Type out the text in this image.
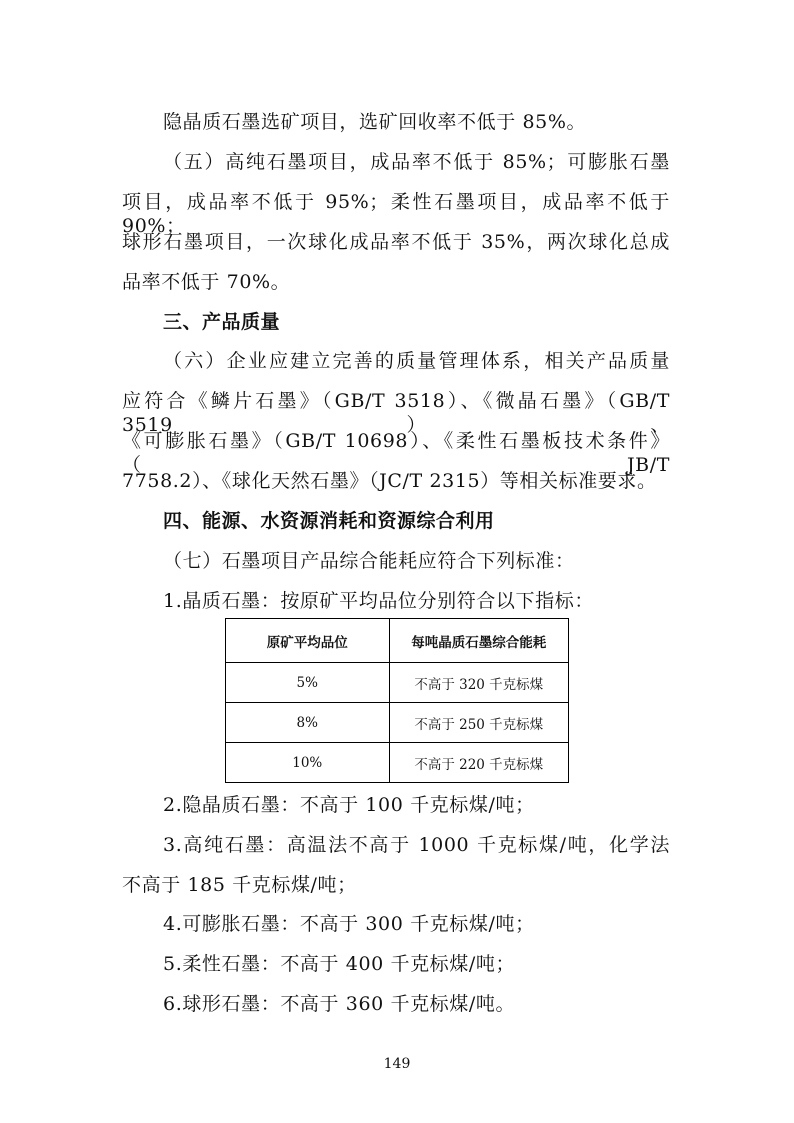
隐晶质石墨选矿项目，选矿回收率不低于 85%。
（五）高纯石墨项目，成品率不低于 85%；可膨胀石墨
项目，成品率不低于 95%；柔性石墨项目，成品率不低于 90%；
球形石墨项目，一次球化成品率不低于 35%，两次球化总成
品率不低于 70%。
三、产品质量
（六）企业应建立完善的质量管理体系，相关产品质量
应符合《鳞片石墨》（GB/T 3518）、《微晶石墨》（GB/T 3519）、
《可膨胀石墨》（GB/T 10698）、《柔性石墨板技术条件》（JB/T
7758.2）、《球化天然石墨》（JC/T 2315）等相关标准要求。
四、能源、水资源消耗和资源综合利用
（七）石墨项目产品综合能耗应符合下列标准：
1.晶质石墨：按原矿平均品位分别符合以下指标：
原矿平均品位	每吨晶质石墨综合能耗
5%	不高于 320 千克标煤
8%	不高于 250 千克标煤
10%	不高于 220 千克标煤
2.隐晶质石墨：不高于 100 千克标煤/吨；
3.高纯石墨：高温法不高于 1000 千克标煤/吨，化学法
不高于 185 千克标煤/吨；
4.可膨胀石墨：不高于 300 千克标煤/吨；
5.柔性石墨：不高于 400 千克标煤/吨；
6.球形石墨：不高于 360 千克标煤/吨。
149
